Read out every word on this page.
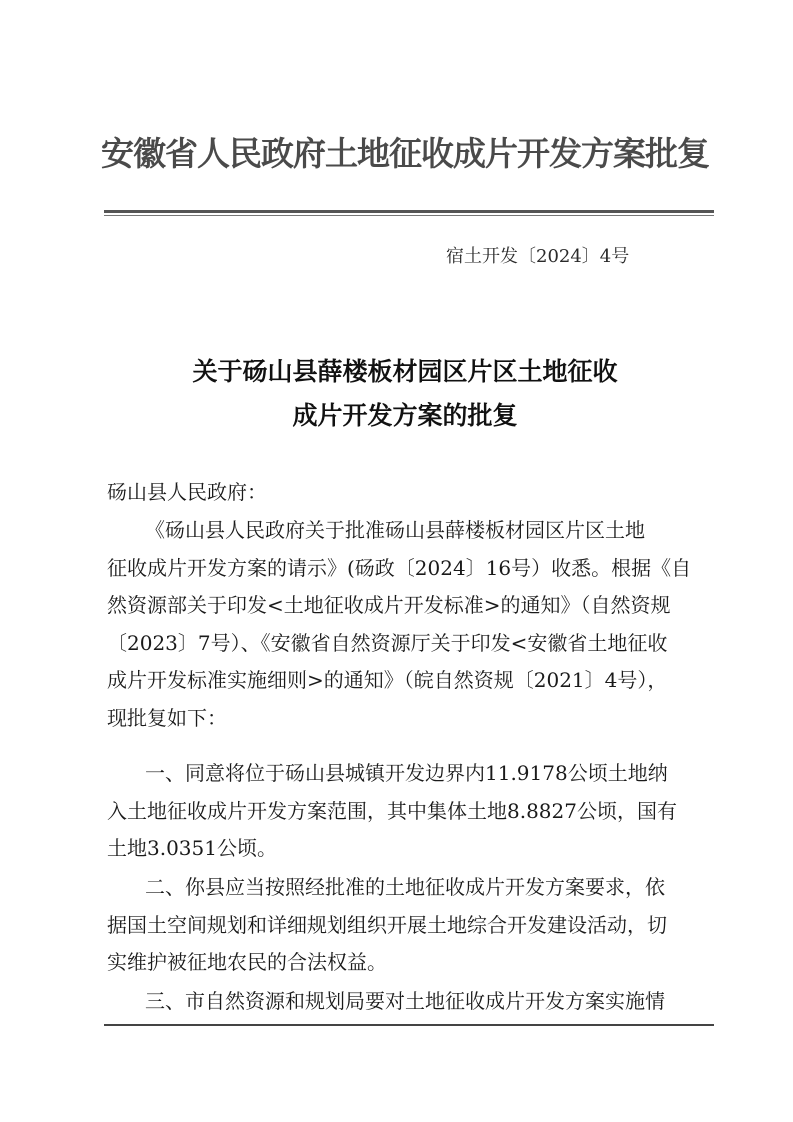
安徽省人民政府土地征收成片开发方案批复
宿土开发〔2024〕4号
关于砀山县薛楼板材园区片区土地征收
成片开发方案的批复
砀山县人民政府：
《砀山县人民政府关于批准砀山县薛楼板材园区片区土地
征收成片开发方案的请示》(砀政〔2024〕16号）收悉。根据《自
然资源部关于印发<土地征收成片开发标准>的通知》（自然资规
〔2023〕7号）、《安徽省自然资源厅关于印发<安徽省土地征收
成片开发标准实施细则>的通知》（皖自然资规〔2021〕4号），
现批复如下：
一、同意将位于砀山县城镇开发边界内11.9178公顷土地纳
入土地征收成片开发方案范围，其中集体土地8.8827公顷，国有
土地3.0351公顷。
二、你县应当按照经批准的土地征收成片开发方案要求，依
据国土空间规划和详细规划组织开展土地综合开发建设活动，切
实维护被征地农民的合法权益。
三、市自然资源和规划局要对土地征收成片开发方案实施情
